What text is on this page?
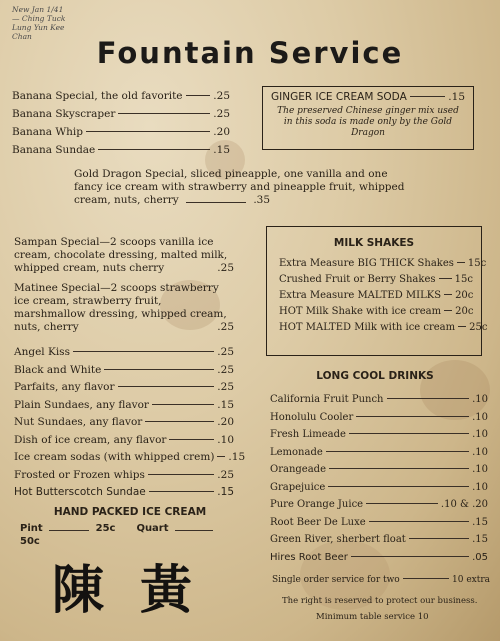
New Jan 1/41 — Ching Tuck Lung Yun Kee Chan	Fountain Service
Banana Special, the old favorite	.25
Banana Skyscraper	.25
Banana Whip	.20
Banana Sundae	.15
GINGER ICE CREAM SODA	.15
The preserved Chinese ginger mix used in this soda is made only by the Gold Dragon
Gold Dragon Special, sliced pineapple, one vanilla and one fancy ice cream with strawberry and pineapple fruit, whipped cream, nuts, cherry	.35
Sampan Special—2 scoops vanilla ice cream, chocolate dressing, malted milk, whipped cream, nuts cherry	.25
Matinee Special—2 scoops strawberry ice cream, strawberry fruit, marshmallow dressing, whipped cream, nuts, cherry	.25
Angel Kiss	.25
Black and White	.25
Parfaits, any flavor	.25
Plain Sundaes, any flavor	.15
Nut Sundaes, any flavor	.20
Dish of ice cream, any flavor	.10
Ice cream sodas (with whipped crem) .15
Frosted or Frozen whips	.25
Hot Butterscotch Sundae	.15
HAND PACKED ICE CREAM
Pint	25c Quart  50c
MILK SHAKES
Extra Measure BIG THICK Shakes 15c
Crushed Fruit or Berry Shakes 15c
Extra Measure MALTED MILKS 20c
HOT Milk Shake with ice cream 20c
HOT MALTED Milk with ice cream 25c
LONG COOL DRINKS
California Fruit Punch	.10
Honolulu Cooler	.10
Fresh Limeade	.10
Lemonade	.10
Orangeade	.10
Grapejuice	.10
Pure Orange Juice	.10 & .20
Root Beer De Luxe	.15
Green River, sherbert float	.15
Hires Root Beer	.05
Single order service for two	10 extra
The right is reserved to protect our business.
Minimum table service 10
陳 黃
